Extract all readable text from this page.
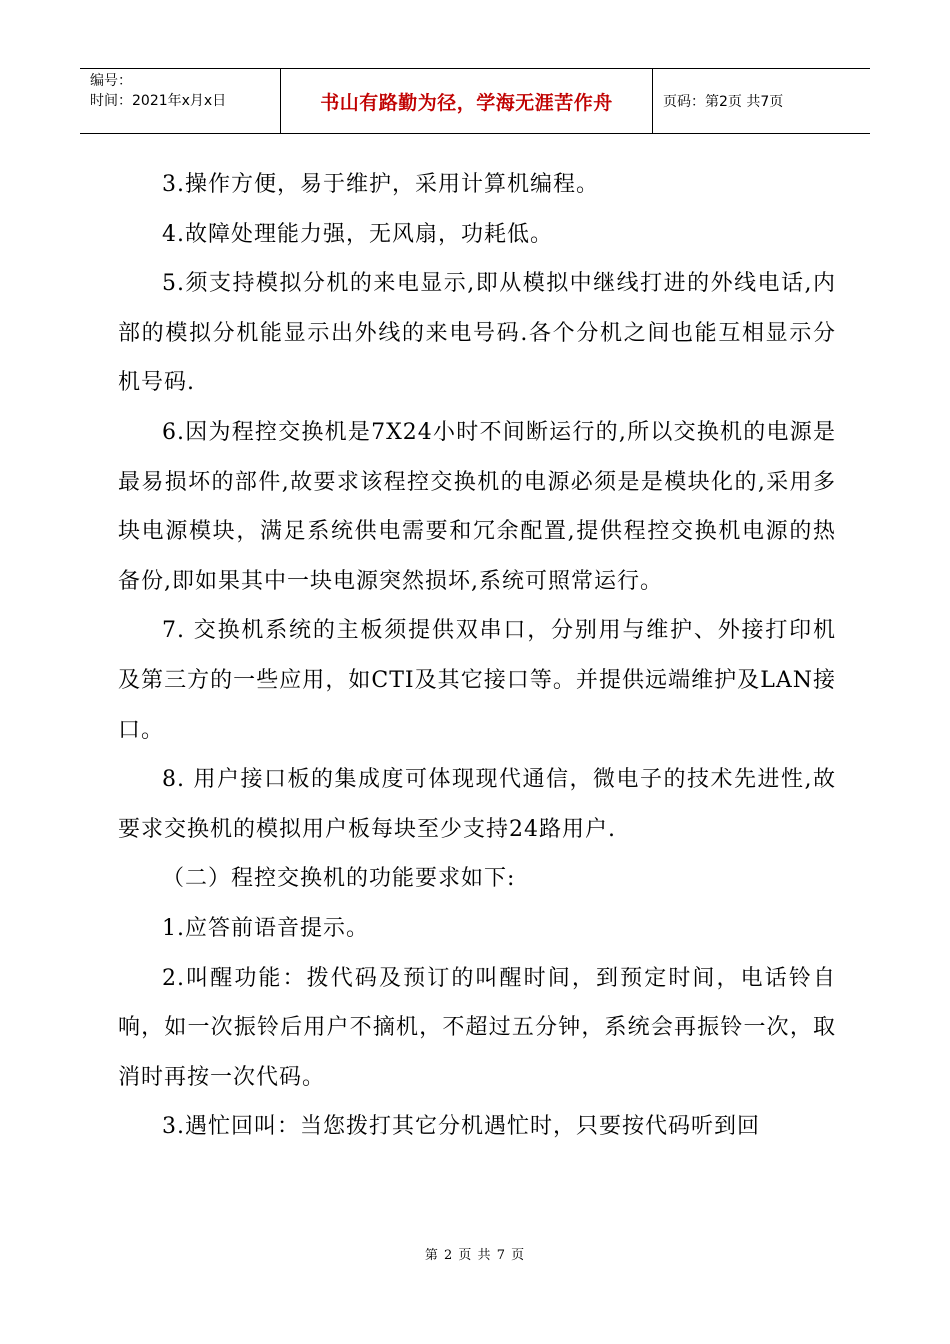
编号：
时间：2021年x月x日	书山有路勤为径，学海无涯苦作舟	页码：第2页 共7页

3.操作方便，易于维护，采用计算机编程。

4.故障处理能力强，无风扇，功耗低。

5.须支持模拟分机的来电显示,即从模拟中继线打进的外线电话,内部的模拟分机能显示出外线的来电号码.各个分机之间也能互相显示分机号码.

6.因为程控交换机是7X24小时不间断运行的,所以交换机的电源是最易损坏的部件,故要求该程控交换机的电源必须是是模块化的,采用多块电源模块，满足系统供电需要和冗余配置,提供程控交换机电源的热备份,即如果其中一块电源突然损坏,系统可照常运行。

7. 交换机系统的主板须提供双串口，分别用与维护、外接打印机及第三方的一些应用，如CTI及其它接口等。并提供远端维护及LAN接口。

8. 用户接口板的集成度可体现现代通信，微电子的技术先进性,故要求交换机的模拟用户板每块至少支持24路用户.

（二）程控交换机的功能要求如下:

1.应答前语音提示。

2.叫醒功能：拨代码及预订的叫醒时间，到预定时间，电话铃自响，如一次振铃后用户不摘机，不超过五分钟，系统会再振铃一次，取消时再按一次代码。

3.遇忙回叫：当您拨打其它分机遇忙时，只要按代码听到回

第 2 页 共 7 页
